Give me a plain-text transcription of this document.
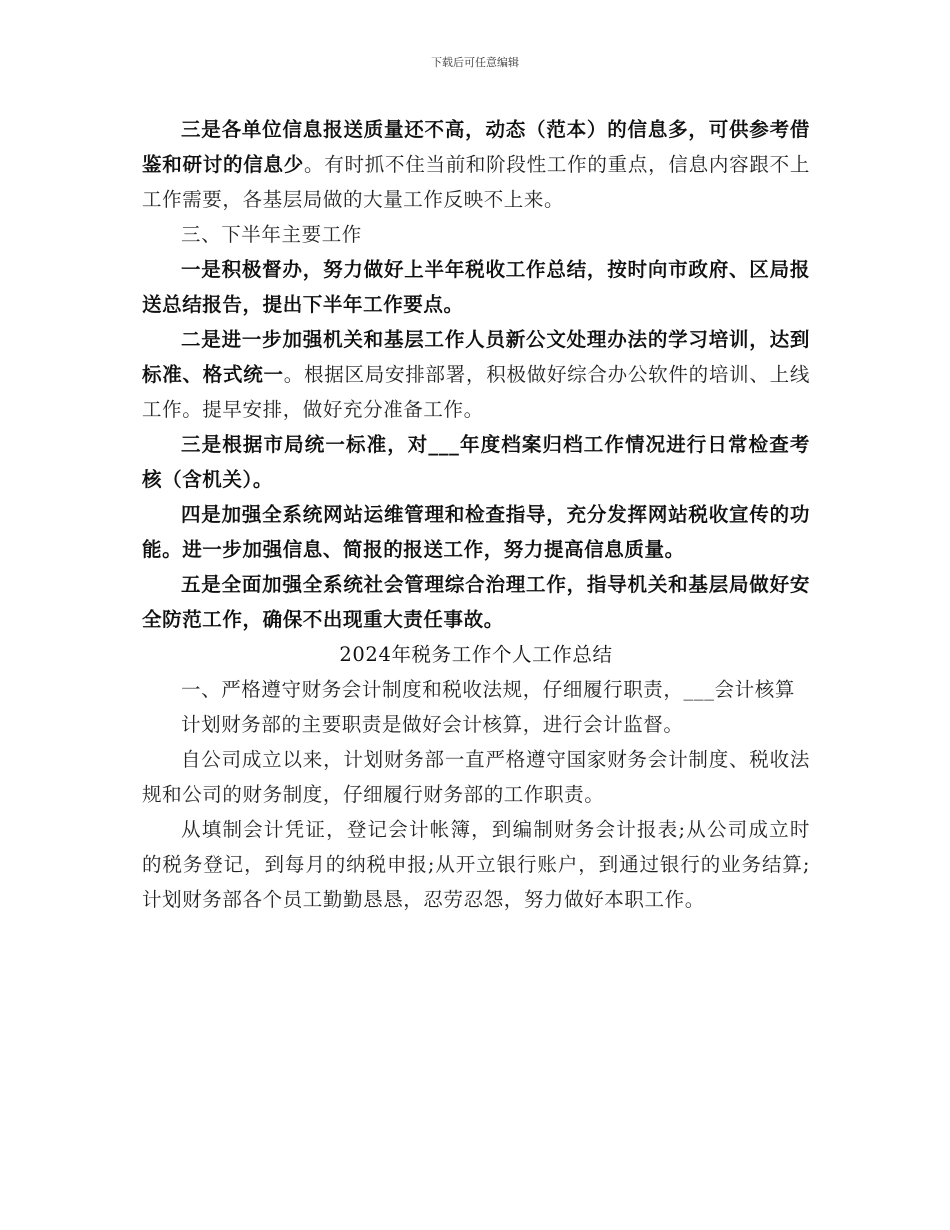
下载后可任意编辑

三是各单位信息报送质量还不高，动态（范本）的信息多，可供参考借鉴和研讨的信息少。有时抓不住当前和阶段性工作的重点，信息内容跟不上工作需要，各基层局做的大量工作反映不上来。

三、下半年主要工作

一是积极督办，努力做好上半年税收工作总结，按时向市政府、区局报送总结报告，提出下半年工作要点。

二是进一步加强机关和基层工作人员新公文处理办法的学习培训，达到标准、格式统一。根据区局安排部署，积极做好综合办公软件的培训、上线工作。提早安排，做好充分准备工作。

三是根据市局统一标准，对___年度档案归档工作情况进行日常检查考核（含机关）。

四是加强全系统网站运维管理和检查指导，充分发挥网站税收宣传的功能。进一步加强信息、简报的报送工作，努力提高信息质量。

五是全面加强全系统社会管理综合治理工作，指导机关和基层局做好安全防范工作，确保不出现重大责任事故。

2024年税务工作个人工作总结

一、严格遵守财务会计制度和税收法规，仔细履行职责，___会计核算

计划财务部的主要职责是做好会计核算，进行会计监督。

自公司成立以来，计划财务部一直严格遵守国家财务会计制度、税收法规和公司的财务制度，仔细履行财务部的工作职责。

从填制会计凭证，登记会计帐簿，到编制财务会计报表;从公司成立时的税务登记，到每月的纳税申报;从开立银行账户，到通过银行的业务结算;计划财务部各个员工勤勤恳恳，忍劳忍怨，努力做好本职工作。
